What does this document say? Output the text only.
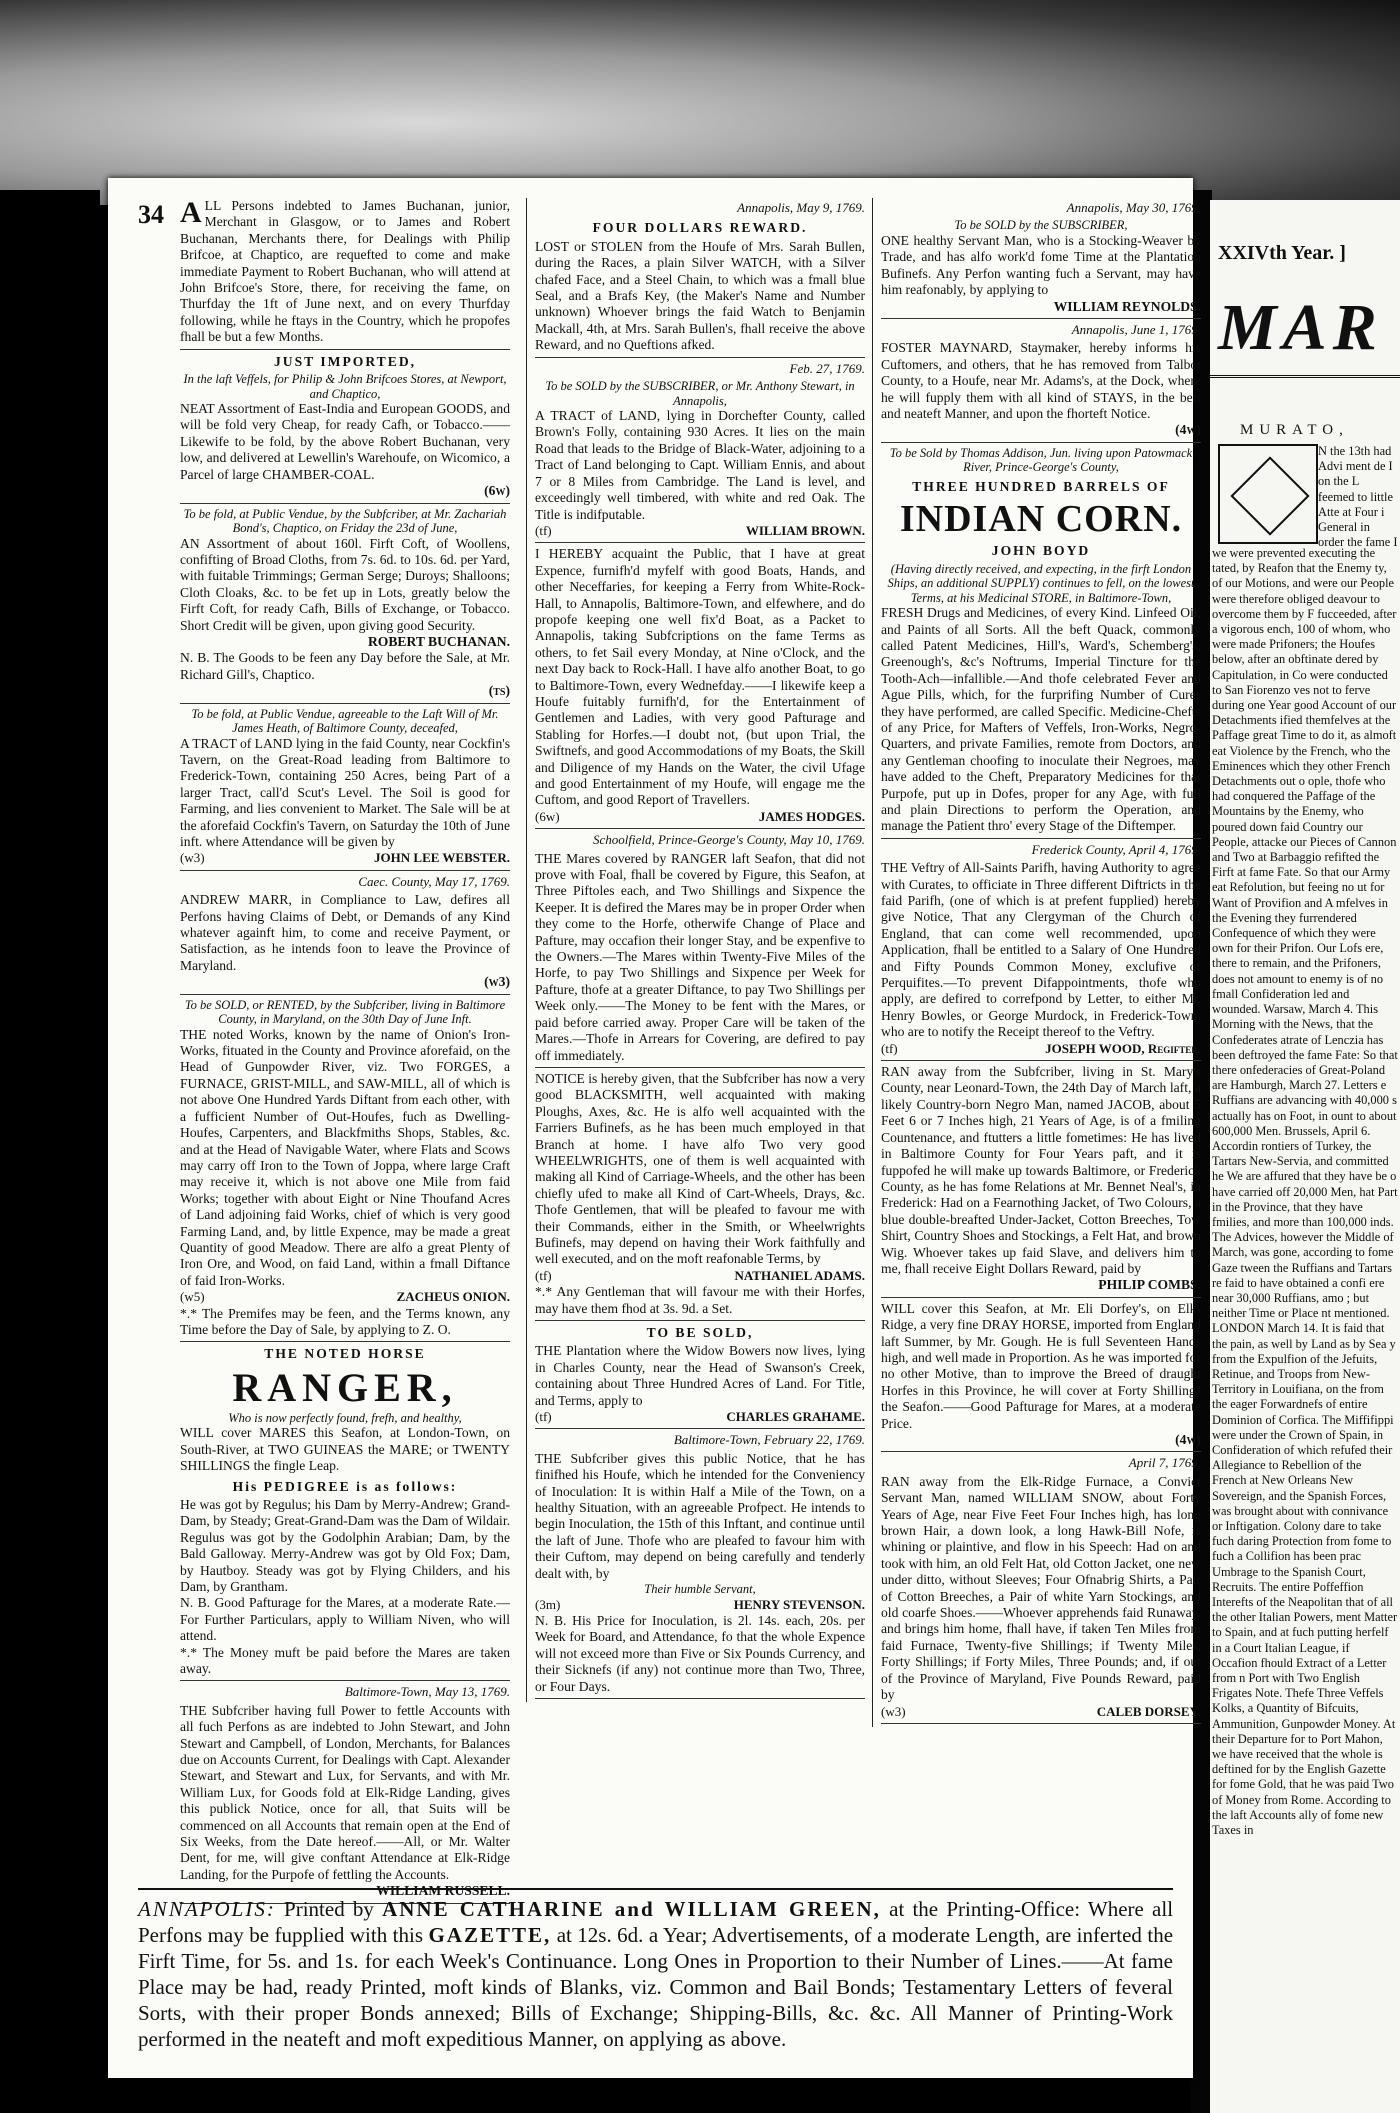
34 ALL Persons indebted to James Buchanan, junior, Merchant in Glasgow, or to James and Robert Buchanan, Merchants there, for Dealings with Philip Brifcoe, at Chaptico, are requefted to come and make immediate Payment to Robert Buchanan, who will attend at John Brifcoe's Store, there, for receiving the fame, on Thurfday the 1ft of June next, and on every Thurfday following, while he ftays in the Country, which he propofes fhall be but a few Months.

JUST IMPORTED,
In the laft Veffels, for Philip & John Brifcoes Stores, at Newport, and Chaptico,

NEAT Assortment of East-India and European GOODS, and will be fold very Cheap, for ready Cafh, or Tobacco.——Likewife to be fold, by the above Robert Buchanan, very low, and delivered at Lewellin's Warehoufe, on Wicomico, a Parcel of large CHAMBER-COAL.

(6w)
To be fold, at Public Vendue, by the Subfcriber, at Mr. Zachariah Bond's, Chaptico, on Friday the 23d of June,

AN Assortment of about 160l. Firft Coft, of Woollens, confifting of Broad Cloths, from 7s. 6d. to 10s. 6d. per Yard, with fuitable Trimmings; German Serge; Duroys; Shalloons; Cloth Cloaks, &c. to be fet up in Lots, greatly below the Firft Coft, for ready Cafh, Bills of Exchange, or Tobacco. Short Credit will be given, upon giving good Security.

ROBERT BUCHANAN.

N. B. The Goods to be feen any Day before the Sale, at Mr. Richard Gill's, Chaptico.

(ts)
To be fold, at Public Vendue, agreeable to the Laft Will of Mr. James Heath, of Baltimore County, deceafed,

A TRACT of LAND lying in the faid County, near Cockfin's Tavern, on the Great-Road leading from Baltimore to Frederick-Town, containing 250 Acres, being Part of a larger Tract, call'd Scut's Level. The Soil is good for Farming, and lies convenient to Market. The Sale will be at the aforefaid Cockfin's Tavern, on Saturday the 10th of June inft. where Attendance will be given by

(w3)	JOHN LEE WEBSTER.
Caec. County, May 17, 1769.

ANDREW MARR, in Compliance to Law, defires all Perfons having Claims of Debt, or Demands of any Kind whatever againft him, to come and receive Payment, or Satisfaction, as he intends foon to leave the Province of Maryland.

(w3)
To be SOLD, or RENTED, by the Subfcriber, living in Baltimore County, in Maryland, on the 30th Day of June Inft.

THE noted Works, known by the name of Onion's Iron-Works, fituated in the County and Province aforefaid, on the Head of Gunpowder River, viz. Two FORGES, a FURNACE, GRIST-MILL, and SAW-MILL, all of which is not above One Hundred Yards Diftant from each other, with a fufficient Number of Out-Houfes, fuch as Dwelling-Houfes, Carpenters, and Blackfmiths Shops, Stables, &c. and at the Head of Navigable Water, where Flats and Scows may carry off Iron to the Town of Joppa, where large Craft may receive it, which is not above one Mile from faid Works; together with about Eight or Nine Thoufand Acres of Land adjoining faid Works, chief of which is very good Farming Land, and, by little Expence, may be made a great Quantity of good Meadow. There are alfo a great Plenty of Iron Ore, and Wood, on faid Land, within a fmall Diftance of faid Iron-Works.

(w5)	ZACHEUS ONION.

*.* The Premifes may be feen, and the Terms known, any Time before the Day of Sale, by applying to Z. O.

THE NOTED HORSE
RANGER,
Who is now perfectly found, frefh, and healthy,

WILL cover MARES this Seafon, at London-Town, on South-River, at TWO GUINEAS the MARE; or TWENTY SHILLINGS the fingle Leap.

His PEDIGREE is as follows:

He was got by Regulus; his Dam by Merry-Andrew; Grand-Dam, by Steady; Great-Grand-Dam was the Dam of Wildair. Regulus was got by the Godolphin Arabian; Dam, by the Bald Galloway. Merry-Andrew was got by Old Fox; Dam, by Hautboy. Steady was got by Flying Childers, and his Dam, by Grantham.

N. B. Good Pafturage for the Mares, at a moderate Rate.—For Further Particulars, apply to William Niven, who will attend.

*.* The Money muft be paid before the Mares are taken away.

Baltimore-Town, May 13, 1769.

THE Subfcriber having full Power to fettle Accounts with all fuch Perfons as are indebted to John Stewart, and John Stewart and Campbell, of London, Merchants, for Balances due on Accounts Current, for Dealings with Capt. Alexander Stewart, and Stewart and Lux, for Servants, and with Mr. William Lux, for Goods fold at Elk-Ridge Landing, gives this publick Notice, once for all, that Suits will be commenced on all Accounts that remain open at the End of Six Weeks, from the Date hereof.——All, or Mr. Walter Dent, for me, will give conftant Attendance at Elk-Ridge Landing, for the Purpofe of fettling the Accounts.

WILLIAM RUSSELL.
Annapolis, May 9, 1769.
FOUR DOLLARS REWARD.

LOST or STOLEN from the Houfe of Mrs. Sarah Bullen, during the Races, a plain Silver WATCH, with a Silver chafed Face, and a Steel Chain, to which was a fmall blue Seal, and a Brafs Key, (the Maker's Name and Number unknown) Whoever brings the faid Watch to Benjamin Mackall, 4th, at Mrs. Sarah Bullen's, fhall receive the above Reward, and no Queftions afked.

Feb. 27, 1769.
To be SOLD by the SUBSCRIBER, or Mr. Anthony Stewart, in Annapolis,

A TRACT of LAND, lying in Dorchefter County, called Brown's Folly, containing 930 Acres. It lies on the main Road that leads to the Bridge of Black-Water, adjoining to a Tract of Land belonging to Capt. William Ennis, and about 7 or 8 Miles from Cambridge. The Land is level, and exceedingly well timbered, with white and red Oak. The Title is indifputable.

(tf)	WILLIAM BROWN.

I HEREBY acquaint the Public, that I have at great Expence, furnifh'd myfelf with good Boats, Hands, and other Neceffaries, for keeping a Ferry from White-Rock-Hall, to Annapolis, Baltimore-Town, and elfewhere, and do propofe keeping one well fix'd Boat, as a Packet to Annapolis, taking Subfcriptions on the fame Terms as others, to fet Sail every Monday, at Nine o'Clock, and the next Day back to Rock-Hall. I have alfo another Boat, to go to Baltimore-Town, every Wednefday.——I likewife keep a Houfe fuitably furnifh'd, for the Entertainment of Gentlemen and Ladies, with very good Pafturage and Stabling for Horfes.—I doubt not, (but upon Trial, the Swiftnefs, and good Accommodations of my Boats, the Skill and Diligence of my Hands on the Water, the civil Ufage and good Entertainment of my Houfe, will engage me the Cuftom, and good Report of Travellers.

(6w)	JAMES HODGES.
Schoolfield, Prince-George's County, May 10, 1769.

THE Mares covered by RANGER laft Seafon, that did not prove with Foal, fhall be covered by Figure, this Seafon, at Three Piftoles each, and Two Shillings and Sixpence the Keeper. It is defired the Mares may be in proper Order when they come to the Horfe, otherwife Change of Place and Pafture, may occafion their longer Stay, and be expenfive to the Owners.—The Mares within Twenty-Five Miles of the Horfe, to pay Two Shillings and Sixpence per Week for Pafture, thofe at a greater Diftance, to pay Two Shillings per Week only.——The Money to be fent with the Mares, or paid before carried away. Proper Care will be taken of the Mares.—Thofe in Arrears for Covering, are defired to pay off immediately.

NOTICE is hereby given, that the Subfcriber has now a very good BLACKSMITH, well acquainted with making Ploughs, Axes, &c. He is alfo well acquainted with the Farriers Bufinefs, as he has been much employed in that Branch at home. I have alfo Two very good WHEELWRIGHTS, one of them is well acquainted with making all Kind of Carriage-Wheels, and the other has been chiefly ufed to make all Kind of Cart-Wheels, Drays, &c. Thofe Gentlemen, that will be pleafed to favour me with their Commands, either in the Smith, or Wheelwrights Bufinefs, may depend on having their Work faithfully and well executed, and on the moft reafonable Terms, by

(tf)	NATHANIEL ADAMS.

*.* Any Gentleman that will favour me with their Horfes, may have them fhod at 3s. 9d. a Set.

TO BE SOLD,

THE Plantation where the Widow Bowers now lives, lying in Charles County, near the Head of Swanson's Creek, containing about Three Hundred Acres of Land. For Title, and Terms, apply to

(tf)	CHARLES GRAHAME.
Baltimore-Town, February 22, 1769.

THE Subfcriber gives this public Notice, that he has finifhed his Houfe, which he intended for the Conveniency of Inoculation: It is within Half a Mile of the Town, on a healthy Situation, with an agreeable Profpect. He intends to begin Inoculation, the 15th of this Inftant, and continue until the laft of June. Thofe who are pleafed to favour him with their Cuftom, may depend on being carefully and tenderly dealt with, by

Their humble Servant,
(3m)	HENRY STEVENSON.

N. B. His Price for Inoculation, is 2l. 14s. each, 20s. per Week for Board, and Attendance, fo that the whole Expence will not exceed more than Five or Six Pounds Currency, and their Sicknefs (if any) not continue more than Two, Three, or Four Days.

Annapolis, May 30, 1769.
To be SOLD by the SUBSCRIBER,

ONE healthy Servant Man, who is a Stocking-Weaver by Trade, and has alfo work'd fome Time at the Plantation Bufinefs. Any Perfon wanting fuch a Servant, may have him reafonably, by applying to

WILLIAM REYNOLDS.
Annapolis, June 1, 1769.

FOSTER MAYNARD, Staymaker, hereby informs his Cuftomers, and others, that he has removed from Talbot County, to a Houfe, near Mr. Adams's, at the Dock, where he will fupply them with all kind of STAYS, in the beft and neateft Manner, and upon the fhorteft Notice.

(4w)
To be Sold by Thomas Addison, Jun. living upon Patowmack River, Prince-George's County,
THREE HUNDRED BARRELS OF
INDIAN CORN.
JOHN BOYD
(Having directly received, and expecting, in the firft London Ships, an additional SUPPLY) continues to fell, on the lowest Terms, at his Medicinal STORE, in Baltimore-Town,

FRESH Drugs and Medicines, of every Kind. Linfeed Oil, and Paints of all Sorts. All the beft Quack, commonly called Patent Medicines, Hill's, Ward's, Schemberg's, Greenough's, &c's Noftrums, Imperial Tincture for the Tooth-Ach—infallible.—And thofe celebrated Fever and Ague Pills, which, for the furprifing Number of Cures they have performed, are called Specific. Medicine-Chefts of any Price, for Mafters of Veffels, Iron-Works, Negro-Quarters, and private Families, remote from Doctors, and any Gentleman choofing to inoculate their Negroes, may have added to the Cheft, Preparatory Medicines for that Purpofe, put up in Dofes, proper for any Age, with full and plain Directions to perform the Operation, and manage the Patient thro' every Stage of the Diftemper.

Frederick County, April 4, 1769.

THE Veftry of All-Saints Parifh, having Authority to agree with Curates, to officiate in Three different Diftricts in the faid Parifh, (one of which is at prefent fupplied) hereby give Notice, That any Clergyman of the Church of England, that can come well recommended, upon Application, fhall be entitled to a Salary of One Hundred and Fifty Pounds Common Money, exclufive of Perquifites.—To prevent Difappointments, thofe who apply, are defired to correfpond by Letter, to either Mr. Henry Bowles, or George Murdock, in Frederick-Town, who are to notify the Receipt thereof to the Veftry.

(tf)	JOSEPH WOOD, Regifter.

RAN away from the Subfcriber, living in St. Mary's County, near Leonard-Town, the 24th Day of March laft, a likely Country-born Negro Man, named JACOB, about 5 Feet 6 or 7 Inches high, 21 Years of Age, is of a fmiling Countenance, and ftutters a little fometimes: He has lived in Baltimore County for Four Years paft, and it is fuppofed he will make up towards Baltimore, or Frederick County, as he has fome Relations at Mr. Bennet Neal's, in Frederick: Had on a Fearnothing Jacket, of Two Colours, a blue double-breafted Under-Jacket, Cotton Breeches, Tow Shirt, Country Shoes and Stockings, a Felt Hat, and brown Wig. Whoever takes up faid Slave, and delivers him to me, fhall receive Eight Dollars Reward, paid by

PHILIP COMBS.

WILL cover this Seafon, at Mr. Eli Dorfey's, on Elk-Ridge, a very fine DRAY HORSE, imported from England laft Summer, by Mr. Gough. He is full Seventeen Hands high, and well made in Proportion. As he was imported for no other Motive, than to improve the Breed of draught Horfes in this Province, he will cover at Forty Shillings the Seafon.——Good Pafturage for Mares, at a moderate Price.

(4w)
April 7, 1769.

RAN away from the Elk-Ridge Furnace, a Convict Servant Man, named WILLIAM SNOW, about Forty Years of Age, near Five Feet Four Inches high, has long brown Hair, a down look, a long Hawk-Bill Nofe, is whining or plaintive, and flow in his Speech: Had on and took with him, an old Felt Hat, old Cotton Jacket, one new under ditto, without Sleeves; Four Ofnabrig Shirts, a Pair of Cotton Breeches, a Pair of white Yarn Stockings, and old coarfe Shoes.——Whoever apprehends faid Runaway, and brings him home, fhall have, if taken Ten Miles from faid Furnace, Twenty-five Shillings; if Twenty Miles, Forty Shillings; if Forty Miles, Three Pounds; and, if out of the Province of Maryland, Five Pounds Reward, paid by

(w3)	CALEB DORSEY.
ANNAPOLIS: Printed by ANNE CATHARINE and WILLIAM GREEN, at the Printing-Office: Where all Perfons may be fupplied with this GAZETTE, at 12s. 6d. a Year; Advertisements, of a moderate Length, are inferted the Firft Time, for 5s. and 1s. for each Week's Continuance. Long Ones in Proportion to their Number of Lines.——At fame Place may be had, ready Printed, moft kinds of Blanks, viz. Common and Bail Bonds; Testamentary Letters of feveral Sorts, with their proper Bonds annexed; Bills of Exchange; Shipping-Bills, &c. &c. All Manner of Printing-Work performed in the neateft and moft expeditious Manner, on applying as above.
XXIVth Year. ]
MAR
MURATO,
N the 13th had Advi ment de I on the L feemed to little Atte at Four i General in order the fame I
we were prevented executing the tated, by Reafon that the Enemy ty, of our Motions, and were our People were therefore obliged deavour to overcome them by F fucceeded, after a vigorous ench, 100 of whom, who were made Prifoners; the Houfes below, after an obftinate dered by Capitulation, in Co were conducted to San Fiorenzo ves not to ferve during one Year good Account of our Detachments ified themfelves at the Paffage great Time to do it, as almoft eat Violence by the French, who the Eminences which they other French Detachments out o ople, thofe who had conquered the Paffage of the Mountains by the Enemy, who poured down faid Country our People, attacke our Pieces of Cannon and Two at Barbaggio refifted the Firft at fame Fate. So that our Army eat Refolution, but feeing no ut for Want of Provifion and A mfelves in the Evening they furrendered Confequence of which they were own for their Prifon. Our Lofs ere, there to remain, and the Prifoners, does not amount to enemy is of no fmall Confideration led and wounded. Warsaw, March 4. This Morning with the News, that the Confederates atrate of Lenczia has been deftroyed the fame Fate: So that there onfederacies of Great-Poland are Hamburgh, March 27. Letters e Ruffians are advancing with 40,000 s actually has on Foot, in ount to about 600,000 Men. Brussels, April 6. Accordin rontiers of Turkey, the Tartars New-Servia, and committed he We are affured that they have be o have carried off 20,000 Men, hat Part in the Province, that they have fmilies, and more than 100,000 inds. The Advices, however the Middle of March, was gone, according to fome Gaze tween the Ruffians and Tartars re faid to have obtained a confi ere near 30,000 Ruffians, amo ; but neither Time or Place nt mentioned. LONDON March 14. It is faid that the pain, as well by Land as by Sea y from the Expulfion of the Jefuits, Retinue, and Troops from New-Territory in Louifiana, on the from the eager Forwardnefs of entire Dominion of Corfica. The Miffifippi were under the Crown of Spain, in Confideration of which refufed their Allegiance to Rebellion of the French at New Orleans New Sovereign, and the Spanish Forces, was brought about with connivance or Inftigation. Colony dare to take fuch daring Protection from fome to fuch a Collifion has been prac Umbrage to the Spanish Court, Recruits. The entire Poffeffion Interefts of the Neapolitan that of all the other Italian Powers, ment Matter to Spain, and at fuch putting herfelf in a Court Italian League, if Occafion fhould Extract of a Letter from n Port with Two English Frigates Note. Thefe Three Veffels Kolks, a Quantity of Bifcuits, Ammunition, Gunpowder Money. At their Departure for to Port Mahon, we have received that the whole is deftined for by the English Gazette for fome Gold, that he was paid Two of Money from Rome. According to the laft Accounts ally of fome new Taxes in
